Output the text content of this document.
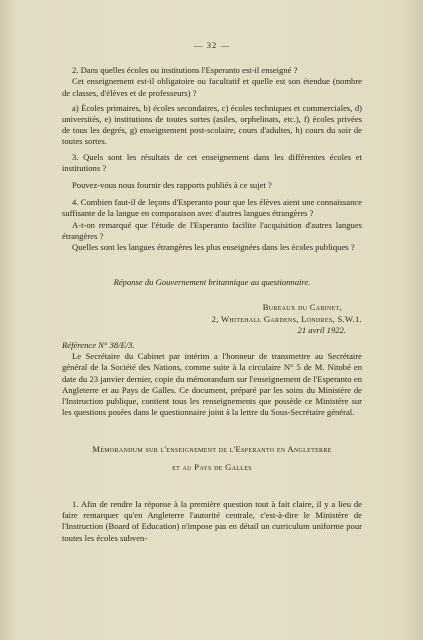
— 32 —

2. Dans quelles écoles ou institutions l'Esperanto est-il enseigné ?

Cet enseignement est-il obligatoire ou facultatif et quelle est son étendue (nombre de classes, d'élèves et de professeurs) ?

a) Écoles primaires, b) écoles secondaires, c) écoles techniques et commerciales, d) universités, e) institutions de toutes sortes (asiles, orphelinats, etc.), f) écoles privées de tous les degrés, g) enseignement post-scolaire, cours d'adultes, h) cours du soir de toutes sortes.

3. Quels sont les résultats de cet enseignement dans les différentes écoles et institutions ?

Pouvez-vous nous fournir des rapports publiés à ce sujet ?

4. Combien faut-il de leçons d'Esperanto pour que les élèves aient une connaissance suffisante de la langue en comparaison avec d'autres langues étrangères ?

A-t-on remarqué que l'étude de l'Esperanto facilite l'acquisition d'autres langues étrangères ?

Quelles sont les langues étrangères les plus enseignées dans les écoles publiques ?

Réponse du Gouvernement britannique au questionnaire.

Bureaux du Cabinet,

2, Whitehall Gardens, Londres, S.W.1.

21 avril 1922.

Référence N° 38/E/3.

Le Secrétaire du Cabinet par intérim a l'honneur de transmettre au Secrétaire général de la Société des Nations, comme suite à la circulaire N° 5 de M. Nitobé en date du 23 janvier dernier, copie du mémorandum sur l'enseignement de l'Esperanto en Angleterre et au Pays de Galles. Ce document, préparé par les soins du Ministère de l'Instruction publique, contient tous les renseignements que possède ce Ministère sur les questions posées dans le questionnaire joint à la lettre du Sous-Secrétaire général.

Mémorandum sur l'enseignement de l'Esperanto en Angleterre

et au Pays de Galles

1. Afin de rendre la réponse à la première question tout à fait claire, il y a lieu de faire remarquer qu'en Angleterre l'autorité centrale, c'est-à-dire le Ministère de l'Instruction (Board of Education) n'impose pas en détail un curriculum uniforme pour toutes les écoles subven-
